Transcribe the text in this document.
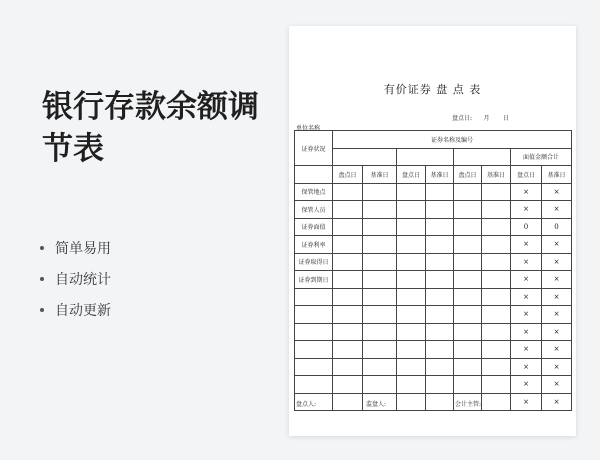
银行存款余额调节表
简单易用
自动统计
自动更新
有价证券 盘 点 表
盘点日:      月       日
单位名称
证券状况	证券名称及编号							
							面值金额合计	
	盘点日	基准日	盘点日	基准日	盘点日	基准日	盘点日	基准日
保管地点							×	×
保管人员							×	×
证券面值							0	0
证券利率							×	×
证券取得日							×	×
证券到期日							×	×
							×	×
							×	×
							×	×
							×	×
							×	×
							×	×
							×	×
盘点人:	监盘人:	会计主管:
